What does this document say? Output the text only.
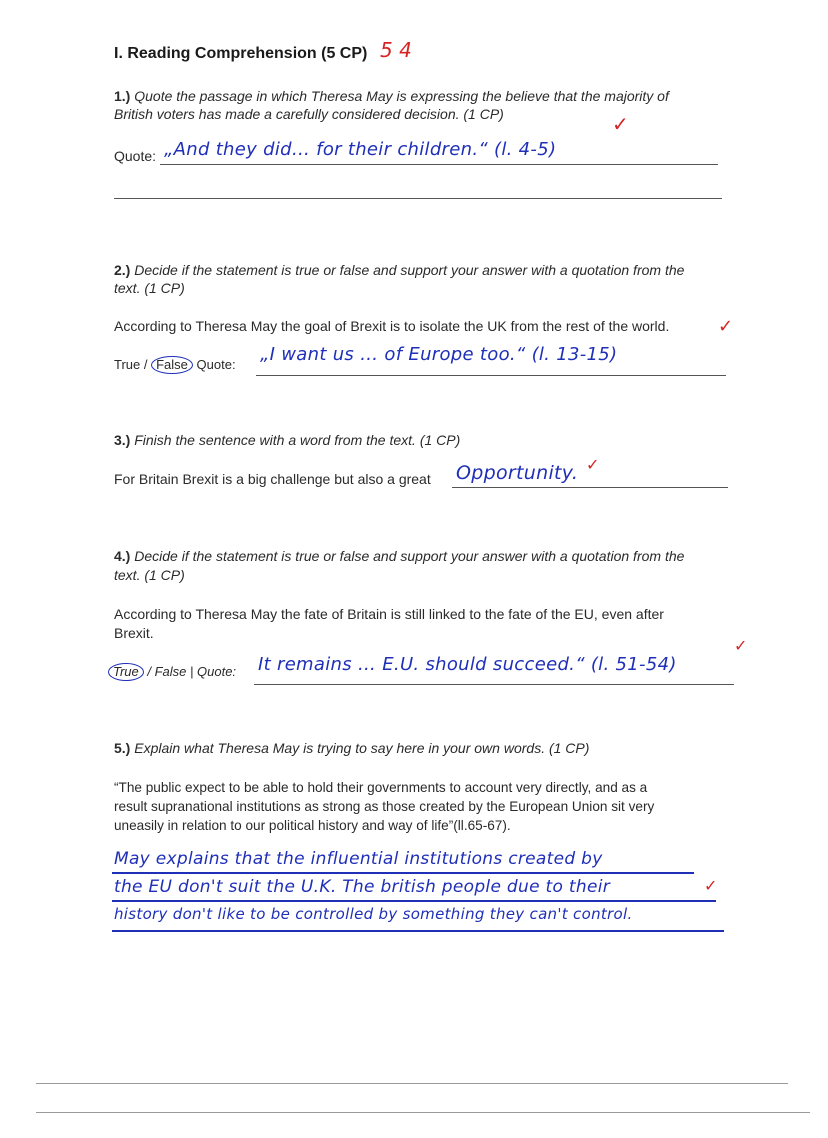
I. Reading Comprehension (5 CP) 5 4
1.) Quote the passage in which Theresa May is expressing the believe that the majority of
British voters has made a carefully considered decision. (1 CP)	✓
Quote: „And they did… for their children.“ (l. 4-5)
2.) Decide if the statement is true or false and support your answer with a quotation from the
text. (1 CP)
According to Theresa May the goal of Brexit is to isolate the UK from the rest of the world.	✓
True / False Quote: „I want us … of Europe too.“ (l. 13-15)
3.) Finish the sentence with a word from the text. (1 CP)
For Britain Brexit is a big challenge but also a great Opportunity. ✓
4.) Decide if the statement is true or false and support your answer with a quotation from the
text. (1 CP)
According to Theresa May the fate of Britain is still linked to the fate of the EU, even after
Brexit.
✓
True / False | Quote: It remains … E.U. should succeed.“ (l. 51-54)
5.) Explain what Theresa May is trying to say here in your own words. (1 CP)
“The public expect to be able to hold their governments to account very directly, and as a
result supranational institutions as strong as those created by the European Union sit very
uneasily in relation to our political history and way of life”(ll.65-67).
May explains that the influential institutions created by
the EU don't suit the U.K. The british people due to their	✓
history don't like to be controlled by something they can't control.
